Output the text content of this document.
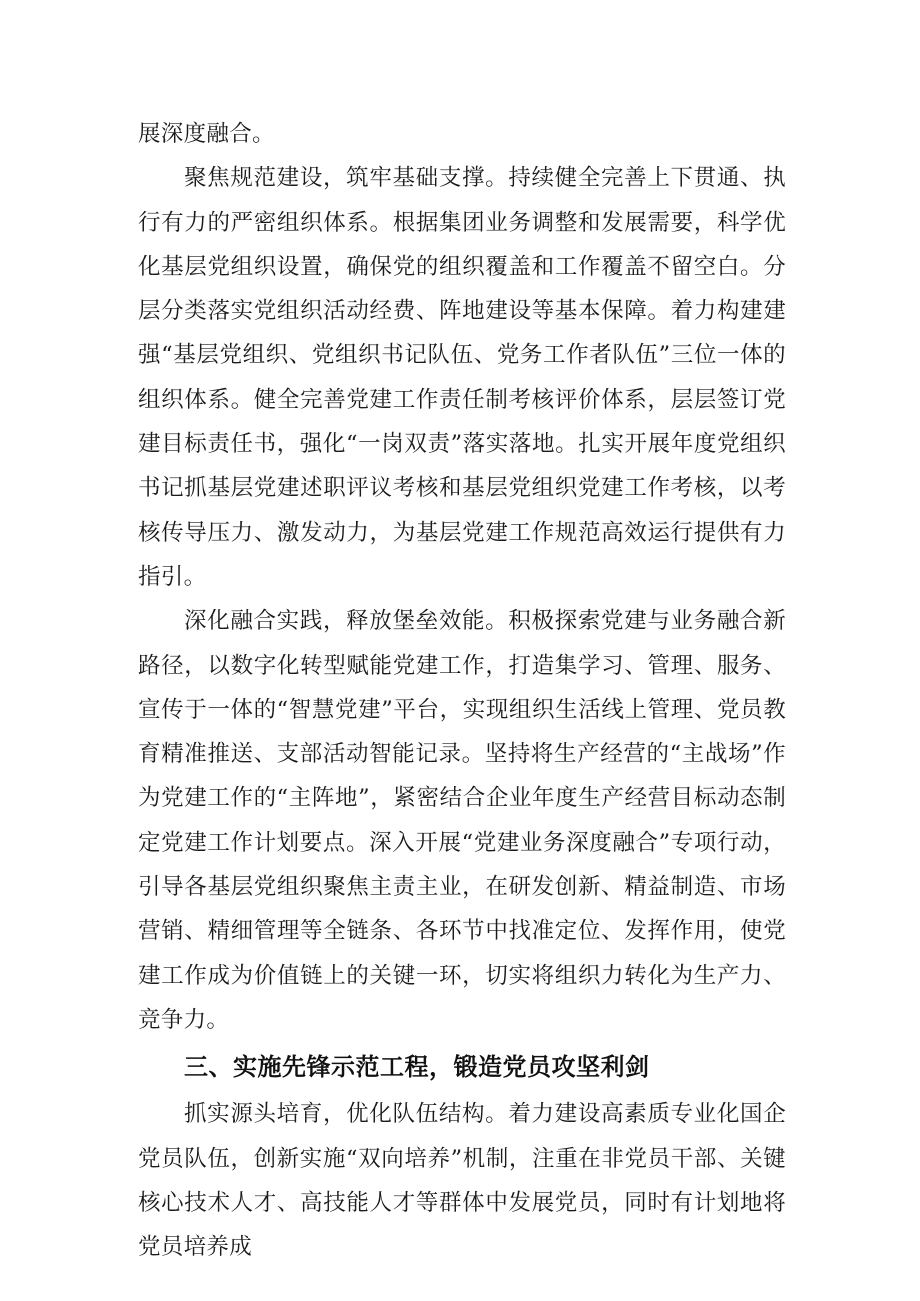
展深度融合。

聚焦规范建设，筑牢基础支撑。持续健全完善上下贯通、执行有力的严密组织体系。根据集团业务调整和发展需要，科学优化基层党组织设置，确保党的组织覆盖和工作覆盖不留空白。分层分类落实党组织活动经费、阵地建设等基本保障。着力构建建强“基层党组织、党组织书记队伍、党务工作者队伍”三位一体的组织体系。健全完善党建工作责任制考核评价体系，层层签订党建目标责任书，强化“一岗双责”落实落地。扎实开展年度党组织书记抓基层党建述职评议考核和基层党组织党建工作考核，以考核传导压力、激发动力，为基层党建工作规范高效运行提供有力指引。

深化融合实践，释放堡垒效能。积极探索党建与业务融合新路径，以数字化转型赋能党建工作，打造集学习、管理、服务、宣传于一体的“智慧党建”平台，实现组织生活线上管理、党员教育精准推送、支部活动智能记录。坚持将生产经营的“主战场”作为党建工作的“主阵地”，紧密结合企业年度生产经营目标动态制定党建工作计划要点。深入开展“党建业务深度融合”专项行动，引导各基层党组织聚焦主责主业，在研发创新、精益制造、市场营销、精细管理等全链条、各环节中找准定位、发挥作用，使党建工作成为价值链上的关键一环，切实将组织力转化为生产力、竞争力。

三、实施先锋示范工程，锻造党员攻坚利剑

抓实源头培育，优化队伍结构。着力建设高素质专业化国企党员队伍，创新实施“双向培养”机制，注重在非党员干部、关键核心技术人才、高技能人才等群体中发展党员，同时有计划地将党员培养成
